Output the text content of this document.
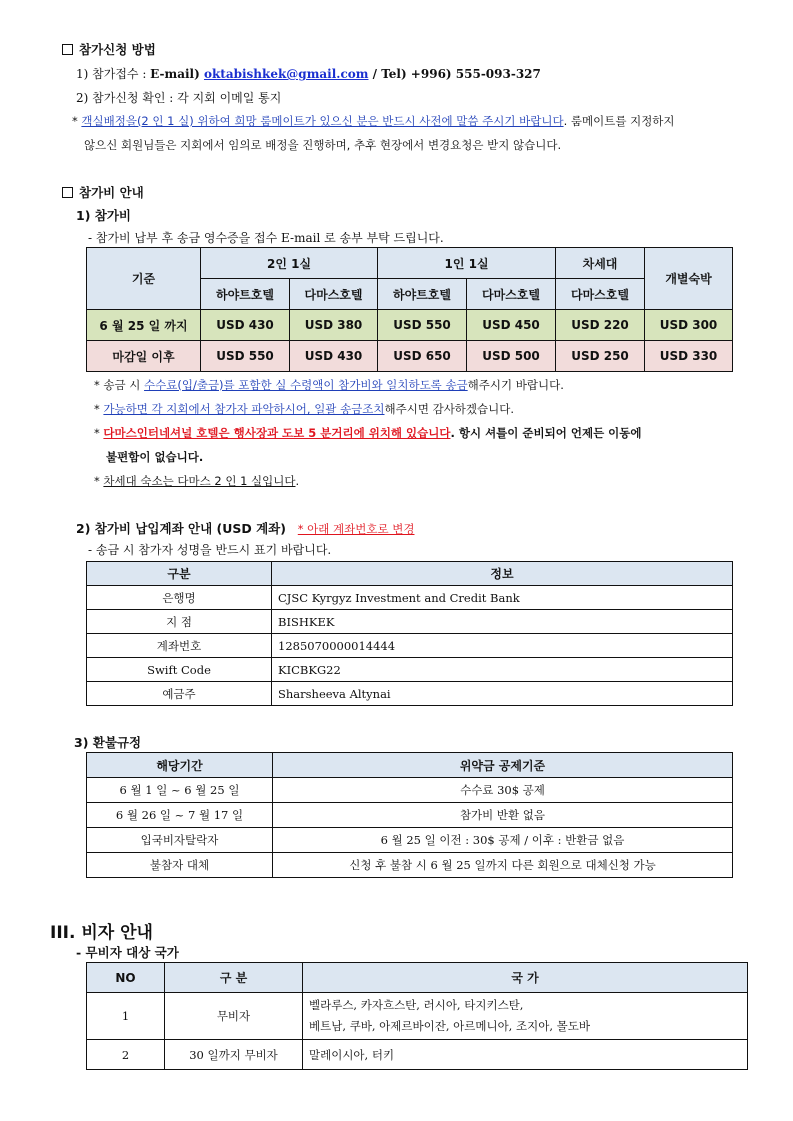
참가신청 방법
1) 참가접수 : E-mail) oktabishkek@gmail.com / Tel) +996) 555-093-327
2) 참가신청 확인 : 각 지회 이메일 통지
* 객실배정을(2 인 1 실) 위하여 희망 룸메이트가 있으신 분은 반드시 사전에 말씀 주시기 바랍니다. 룸메이트를 지정하지
않으신 회원님들은 지회에서 임의로 배정을 진행하며, 추후 현장에서 변경요청은 받지 않습니다.
참가비 안내
1) 참가비
- 참가비 납부 후 송금 영수증을 접수 E-mail 로 송부 부탁 드립니다.
기준	2인 1실		1인 1실		차세대	개별숙박
	하야트호텔	다마스호텔	하야트호텔	다마스호텔	다마스호텔	
6 월 25 일 까지	USD 430	USD 380	USD 550	USD 450	USD 220	USD 300
마감일 이후	USD 550	USD 430	USD 650	USD 500	USD 250	USD 330
* 송금 시 수수료(입/출금)를 포함한 실 수령액이 참가비와 일치하도록 송금해주시기 바랍니다.
* 가능하면 각 지회에서 참가자 파악하시어, 일괄 송금조치해주시면 감사하겠습니다.
* 다마스인터네셔널 호텔은 행사장과 도보 5 분거리에 위치해 있습니다. 항시 셔틀이 준비되어 언제든 이동에
불편함이 없습니다.
* 차세대 숙소는 다마스 2 인 1 실입니다.
2) 참가비 납입계좌 안내 (USD 계좌) * 아래 계좌번호로 변경
- 송금 시 참가자 성명을 반드시 표기 바랍니다.
구분	정보
은행명	CJSC Kyrgyz Investment and Credit Bank
지 점	BISHKEK
계좌번호	1285070000014444
Swift Code	KICBKG22
예금주	Sharsheeva Altynai
3) 환불규정
해당기간	위약금 공제기준
6 월 1 일 ~ 6 월 25 일	수수료 30$ 공제
6 월 26 일 ~ 7 월 17 일	참가비 반환 없음
입국비자탈락자	6 월 25 일 이전 : 30$ 공제 / 이후 : 반환금 없음
불참자 대체	신청 후 불참 시 6 월 25 일까지 다른 회원으로 대체신청 가능
III. 비자 안내
- 무비자 대상 국가
NO	구 분	국 가
1	무비자	벨라루스, 카자흐스탄, 러시아, 타지키스탄,
베트남, 쿠바, 아제르바이잔, 아르메니아, 조지아, 몰도바

2	30 일까지 무비자	말레이시아, 터키
